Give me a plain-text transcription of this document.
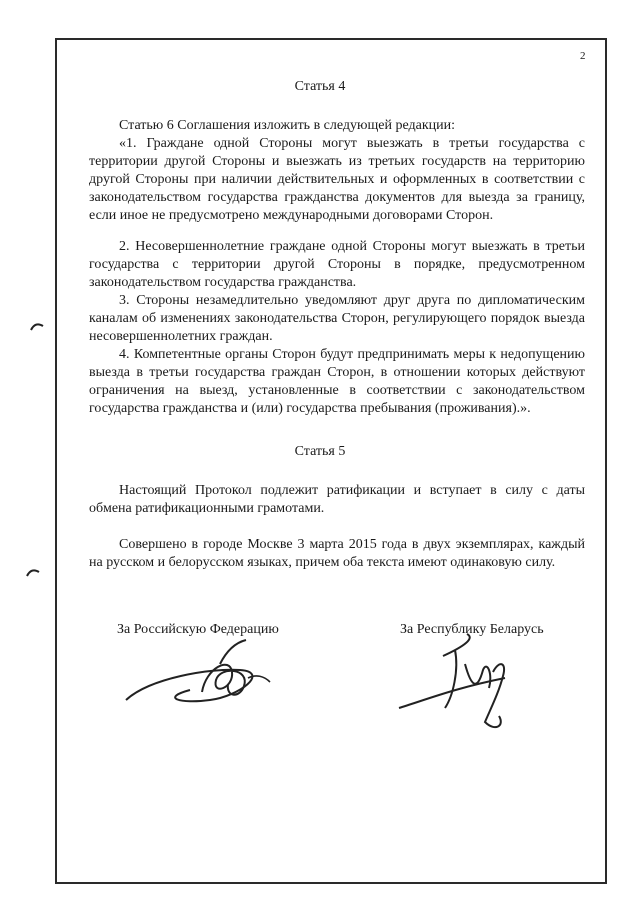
2
Статья 4

Статью 6 Соглашения изложить в следующей редакции:

«1. Граждане одной Стороны могут выезжать в третьи государства с территории другой Стороны и выезжать из третьих государств на территорию другой Стороны при наличии действительных и оформленных в соответствии с законодательством государства гражданства документов для выезда за границу, если иное не предусмотрено международными договорами Сторон.

2. Несовершеннолетние граждане одной Стороны могут выезжать в третьи государства с территории другой Стороны в порядке, предусмотренном законодательством государства гражданства.

3. Стороны незамедлительно уведомляют друг друга по дипломатическим каналам об изменениях законодательства Сторон, регулирующего порядок выезда несовершеннолетних граждан.

4. Компетентные органы Сторон будут предпринимать меры к недопущению выезда в третьи государства граждан Сторон, в отношении которых действуют ограничения на выезд, установленные в соответствии с законодательством государства гражданства и (или) государства пребывания (проживания).».

Статья 5

Настоящий Протокол подлежит ратификации и вступает в силу с даты обмена ратификационными грамотами.

Совершено в городе Москве 3 марта 2015 года в двух экземплярах, каждый на русском и белорусском языках, причем оба текста имеют одинаковую силу.

За Российскую Федерацию	За Республику Беларусь
